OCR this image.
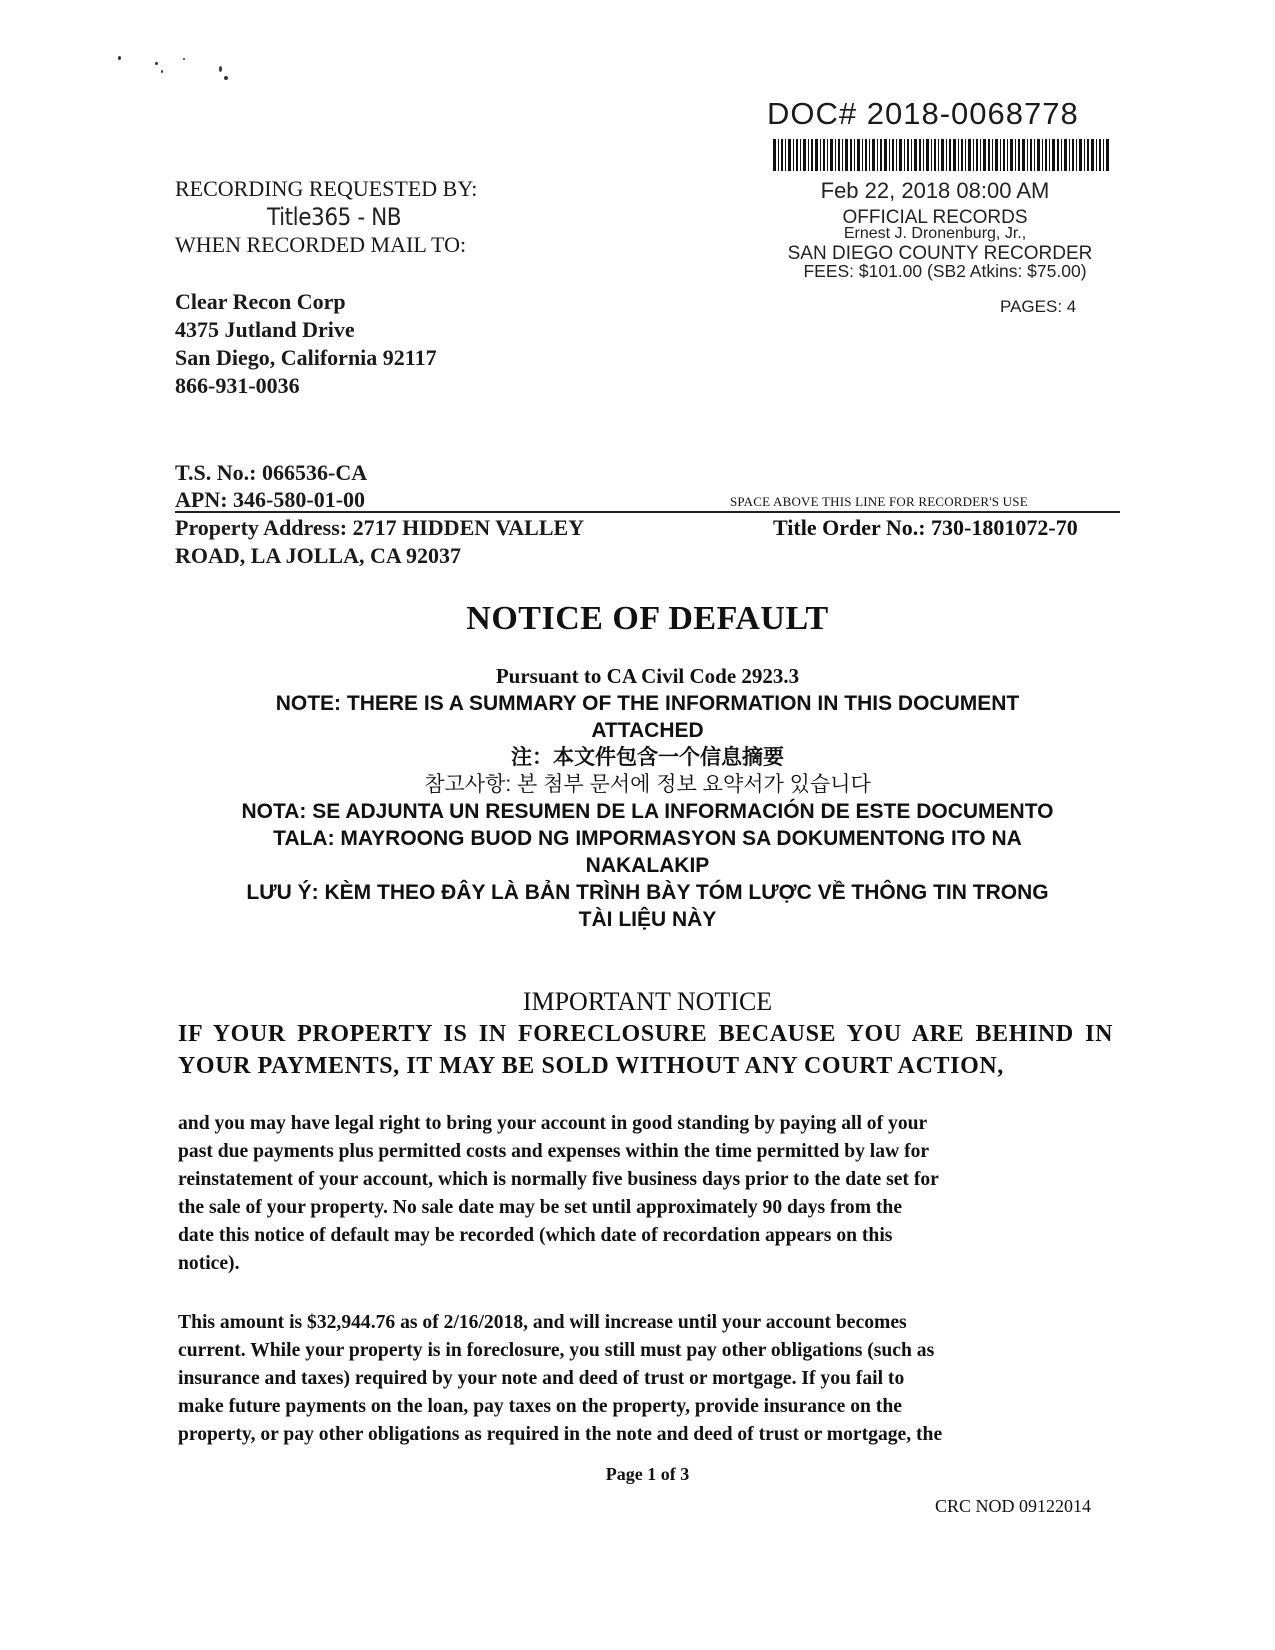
DOC# 2018-0068778
Feb 22, 2018 08:00 AM
OFFICIAL RECORDS
Ernest J. Dronenburg, Jr.,
SAN DIEGO COUNTY RECORDER
FEES: $101.00 (SB2 Atkins: $75.00)
PAGES: 4
RECORDING REQUESTED BY:
Title365 - NB
WHEN RECORDED MAIL TO:
Clear Recon Corp
4375 Jutland Drive
San Diego, California 92117
866-931-0036
T.S. No.: 066536-CA
APN: 346-580-01-00	SPACE ABOVE THIS LINE FOR RECORDER'S USE
Property Address: 2717 HIDDEN VALLEY
ROAD, LA JOLLA, CA 92037
Title Order No.: 730-1801072-70
NOTICE OF DEFAULT
Pursuant to CA Civil Code 2923.3
NOTE: THERE IS A SUMMARY OF THE INFORMATION IN THIS DOCUMENT
ATTACHED
注：本文件包含一个信息摘要
참고사항: 본 첨부 문서에 정보 요약서가 있습니다
NOTA: SE ADJUNTA UN RESUMEN DE LA INFORMACIÓN DE ESTE DOCUMENTO
TALA: MAYROONG BUOD NG IMPORMASYON SA DOKUMENTONG ITO NA
NAKALAKIP
LƯU Ý: KÈM THEO ĐÂY LÀ BẢN TRÌNH BÀY TÓM LƯỢC VỀ THÔNG TIN TRONG
TÀI LIỆU NÀY
IMPORTANT NOTICE
IF YOUR PROPERTY IS IN FORECLOSURE BECAUSE YOU ARE BEHIND IN YOUR PAYMENTS, IT MAY BE SOLD WITHOUT ANY COURT ACTION,
and you may have legal right to bring your account in good standing by paying all of your
past due payments plus permitted costs and expenses within the time permitted by law for
reinstatement of your account, which is normally five business days prior to the date set for
the sale of your property. No sale date may be set until approximately 90 days from the
date this notice of default may be recorded (which date of recordation appears on this
notice).
This amount is $32,944.76 as of 2/16/2018, and will increase until your account becomes
current. While your property is in foreclosure, you still must pay other obligations (such as
insurance and taxes) required by your note and deed of trust or mortgage. If you fail to
make future payments on the loan, pay taxes on the property, provide insurance on the
property, or pay other obligations as required in the note and deed of trust or mortgage, the
Page 1 of 3
CRC NOD 09122014
